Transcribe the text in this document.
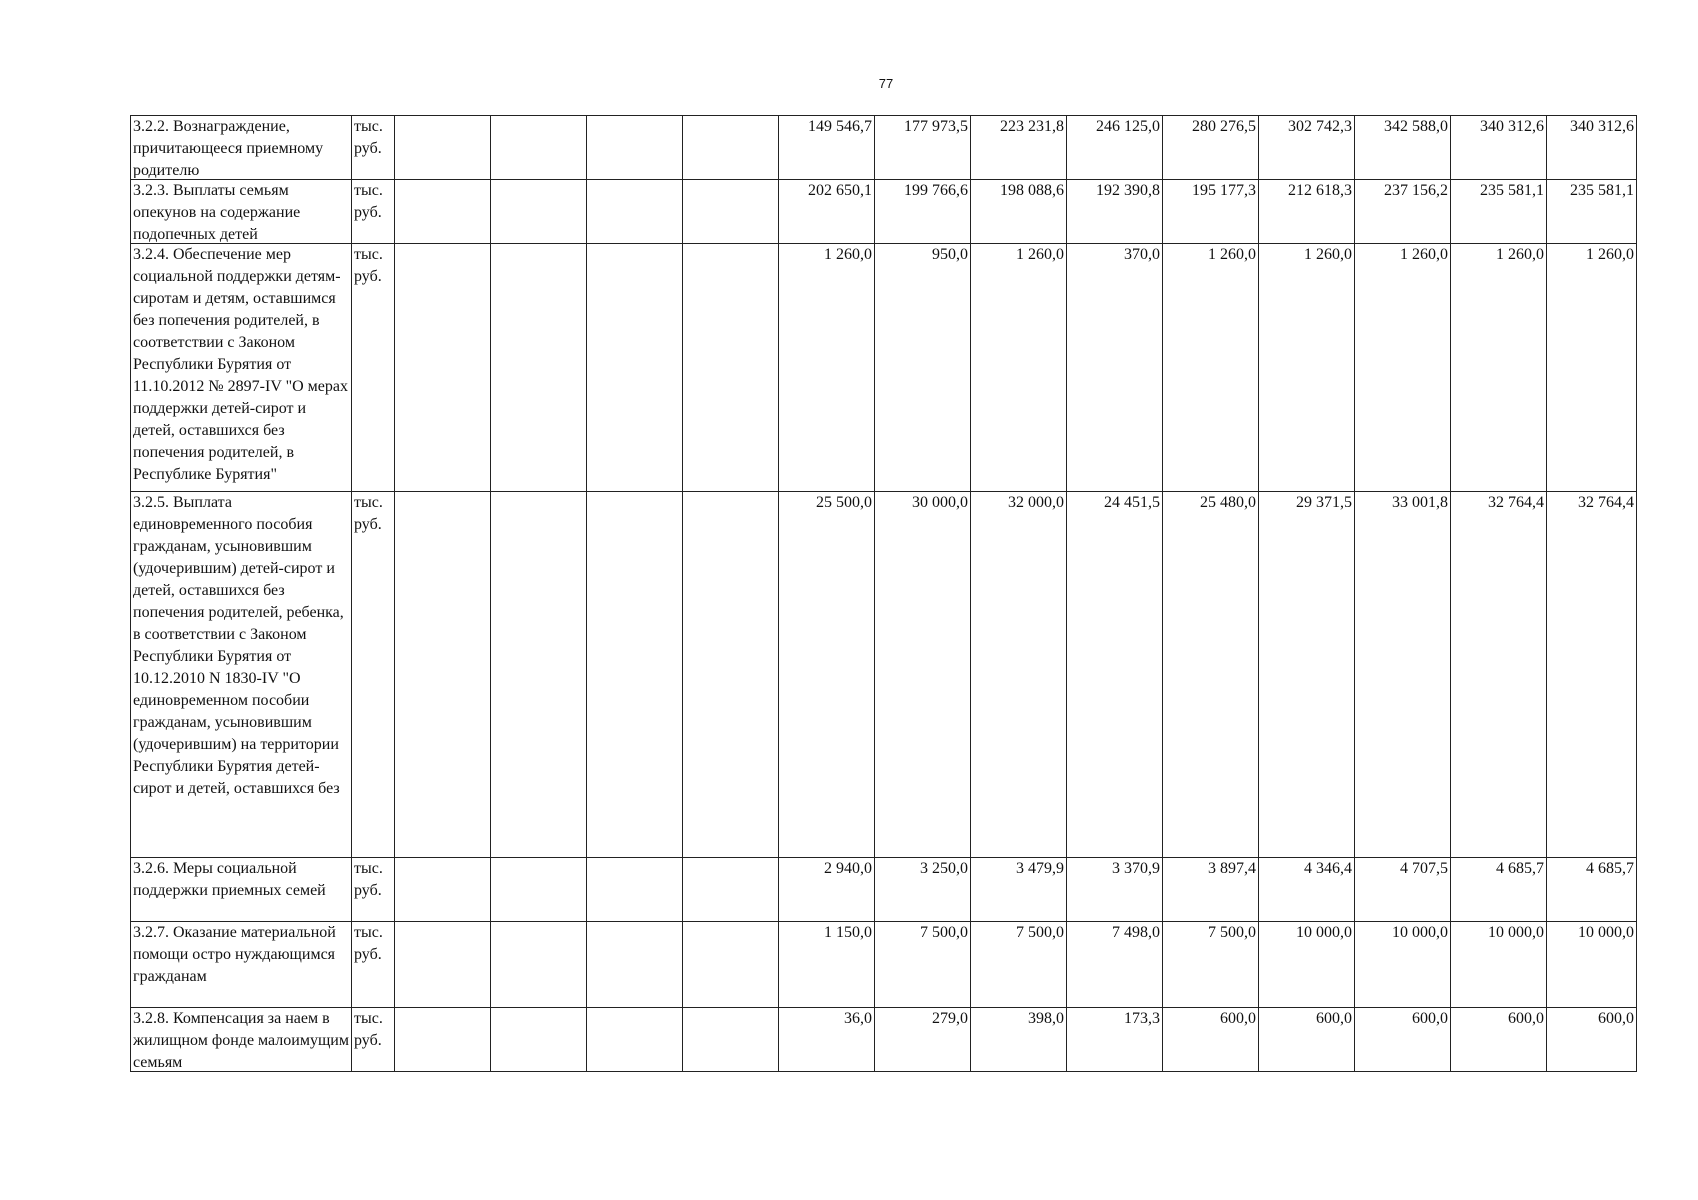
77
3.2.2. Вознаграждение, причитающееся приемному родителю	тыс. руб.					149 546,7	177 973,5	223 231,8	246 125,0	280 276,5	302 742,3	342 588,0	340 312,6	340 312,6

3.2.3. Выплаты семьям опекунов на содержание подопечных детей	тыс. руб.					202 650,1	199 766,6	198 088,6	192 390,8	195 177,3	212 618,3	237 156,2	235 581,1	235 581,1

3.2.4. Обеспечение мер социальной поддержки детям-сиротам и детям, оставшимся без попечения родителей, в соответствии с Законом Республики Бурятия от 11.10.2012 № 2897-IV "О мерах поддержки детей-сирот и детей, оставшихся без попечения родителей, в Республике Бурятия"	тыс. руб.					1 260,0	950,0	1 260,0	370,0	1 260,0	1 260,0	1 260,0	1 260,0	1 260,0

3.2.5. Выплата единовременного пособия гражданам, усыновившим (удочерившим) детей-сирот и детей, оставшихся без попечения родителей, ребенка, в соответствии с Законом Республики Бурятия от 10.12.2010 N 1830-IV "О единовременном пособии гражданам, усыновившим (удочерившим) на территории Республики Бурятия детей-сирот и детей, оставшихся без	тыс. руб.					25 500,0	30 000,0	32 000,0	24 451,5	25 480,0	29 371,5	33 001,8	32 764,4	32 764,4

3.2.6. Меры социальной поддержки приемных семей	тыс. руб.					2 940,0	3 250,0	3 479,9	3 370,9	3 897,4	4 346,4	4 707,5	4 685,7	4 685,7

3.2.7. Оказание материальной помощи остро нуждающимся гражданам	тыс. руб.					1 150,0	7 500,0	7 500,0	7 498,0	7 500,0	10 000,0	10 000,0	10 000,0	10 000,0

3.2.8. Компенсация за наем в жилищном фонде малоимущим семьям	тыс. руб.					36,0	279,0	398,0	173,3	600,0	600,0	600,0	600,0	600,0
